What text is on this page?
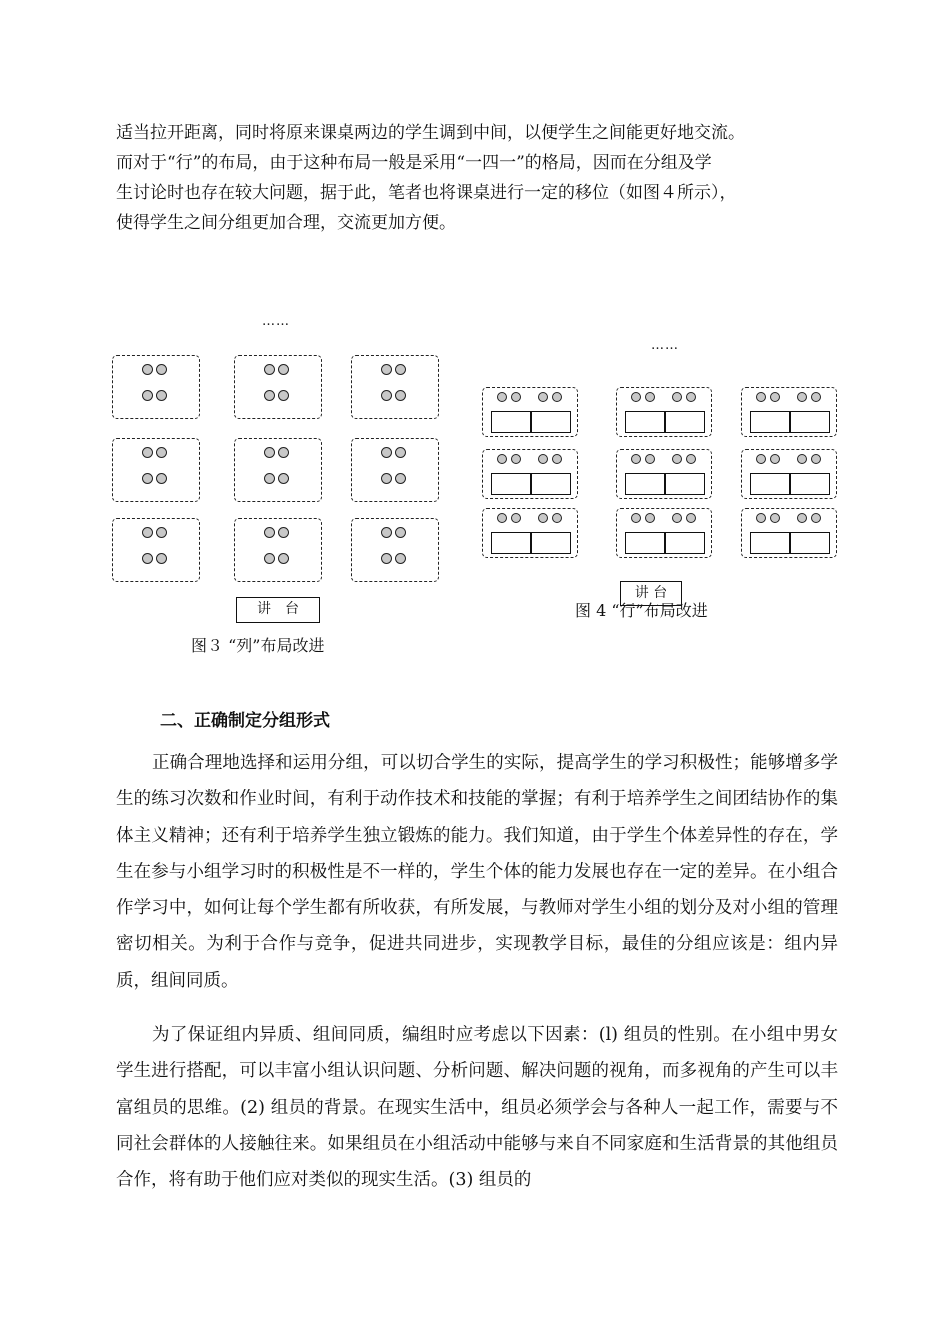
适当拉开距离，同时将原来课桌两边的学生调到中间，以便学生之间能更好地交流。

而对于“行”的布局，由于这种布局一般是采用“一四一”的格局，因而在分组及学

生讨论时也存在较大问题，据于此，笔者也将课桌进行一定的移位（如图４所示），

使得学生之间分组更加合理，交流更加方便。

……
讲　台
图３ “列”布局改进
……
图 4 “行”布局改进
讲 台
二、正确制定分组形式

正确合理地选择和运用分组，可以切合学生的实际，提高学生的学习积极性；能够增多学生的练习次数和作业时间，有利于动作技术和技能的掌握；有利于培养学生之间团结协作的集体主义精神；还有利于培养学生独立锻炼的能力。我们知道，由于学生个体差异性的存在，学生在参与小组学习时的积极性是不一样的，学生个体的能力发展也存在一定的差异。在小组合作学习中，如何让每个学生都有所收获，有所发展，与教师对学生小组的划分及对小组的管理密切相关。为利于合作与竞争，促进共同进步，实现教学目标，最佳的分组应该是：组内异质，组间同质。

为了保证组内异质、组间同质，编组时应考虑以下因素：(l) 组员的性别。在小组中男女学生进行搭配，可以丰富小组认识问题、分析问题、解决问题的视角，而多视角的产生可以丰富组员的思维。(2) 组员的背景。在现实生活中，组员必须学会与各种人一起工作，需要与不同社会群体的人接触往来。如果组员在小组活动中能够与来自不同家庭和生活背景的其他组员合作，将有助于他们应对类似的现实生活。(3) 组员的
